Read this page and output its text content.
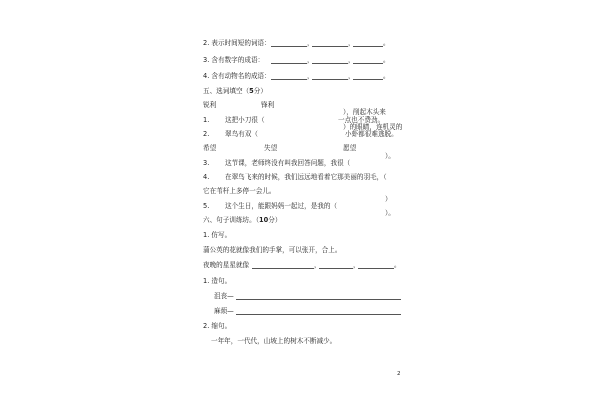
2. 表示时间短的词语：	，	，	。
3. 含有数字的成语：	，	，	。
4. 含有动物名的成语：	，	，	。
五、选词填空（5分）
锐利	锋利
），削起木头来
1. 这把小刀很（	一点也不费劲。
）的眼睛，连机灵的
2. 翠鸟有双（	小虾都很难逃脱。
希望	失望	愿望
）。
3. 这节课，老师终没有叫我回答问题，我很（
4. 在翠鸟飞来的时候，我们远远地看着它那美丽的羽毛，（
它在苇杆上多停一会儿。
）
5. 这个生日，能跟妈妈一起过，是我的（
）。
六、句子训练坊。（10分）
1. 仿写。
蒲公英的花就像我们的手掌，可以张开，合上。
夜晚的星星就像	，	，	。
1. 造句。
沮丧—
麻烦—
2. 缩句。
一年年，一代代，山坡上的树木不断减少。
2
